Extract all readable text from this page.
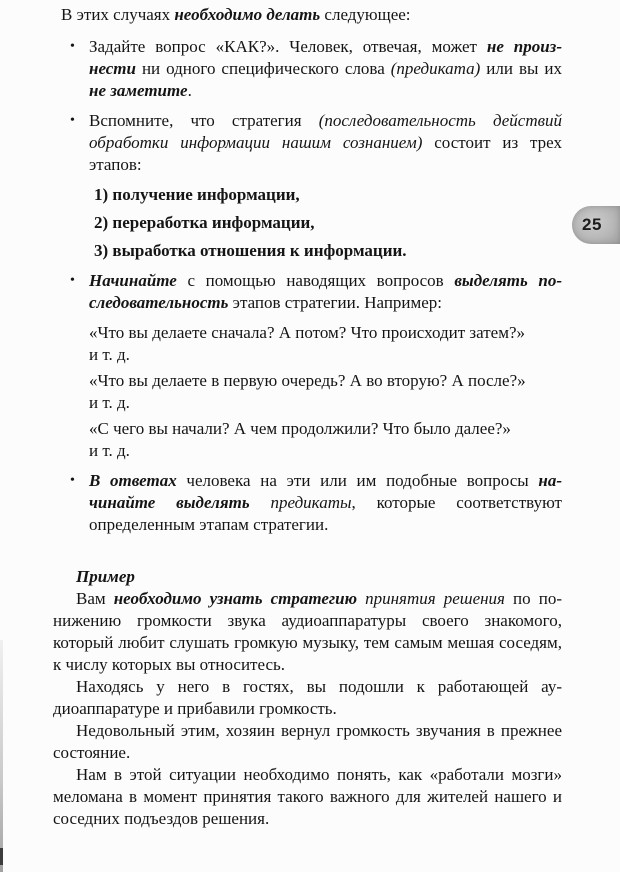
В этих случаях необходимо делать следующее:
• Задайте вопрос «КАК?». Человек, отвечая, может не произнести ни одного специфического слова (предиката) или вы их не заметите.
• Вспомните, что стратегия (последовательность действий обработки информации нашим сознанием) состоит из трех этапов:
1) получение информации,
2) переработка информации,
3) выработка отношения к информации.
• Начинайте с помощью наводящих вопросов выделять последовательность этапов стратегии. Например:
«Что вы делаете сначала? А потом? Что происходит затем?»
и т. д.
«Что вы делаете в первую очередь? А во вторую? А после?»
и т. д.
«С чего вы начали? А чем продолжили? Что было далее?»
и т. д.
• В ответах человека на эти или им подобные вопросы начинайте выделять предикаты, которые соответствуют определенным этапам стратегии.
Пример
Вам необходимо узнать стратегию принятия решения по понижению громкости звука аудиоаппаратуры своего знакомого, который любит слушать громкую музыку, тем самым мешая соседям, к числу которых вы относитесь.
Находясь у него в гостях, вы подошли к работающей аудиоаппаратуре и прибавили громкость.
Недовольный этим, хозяин вернул громкость звучания в прежнее состояние.
Нам в этой ситуации необходимо понять, как «работали мозги» меломана в момент принятия такого важного для жителей нашего и соседних подъездов решения.
25
